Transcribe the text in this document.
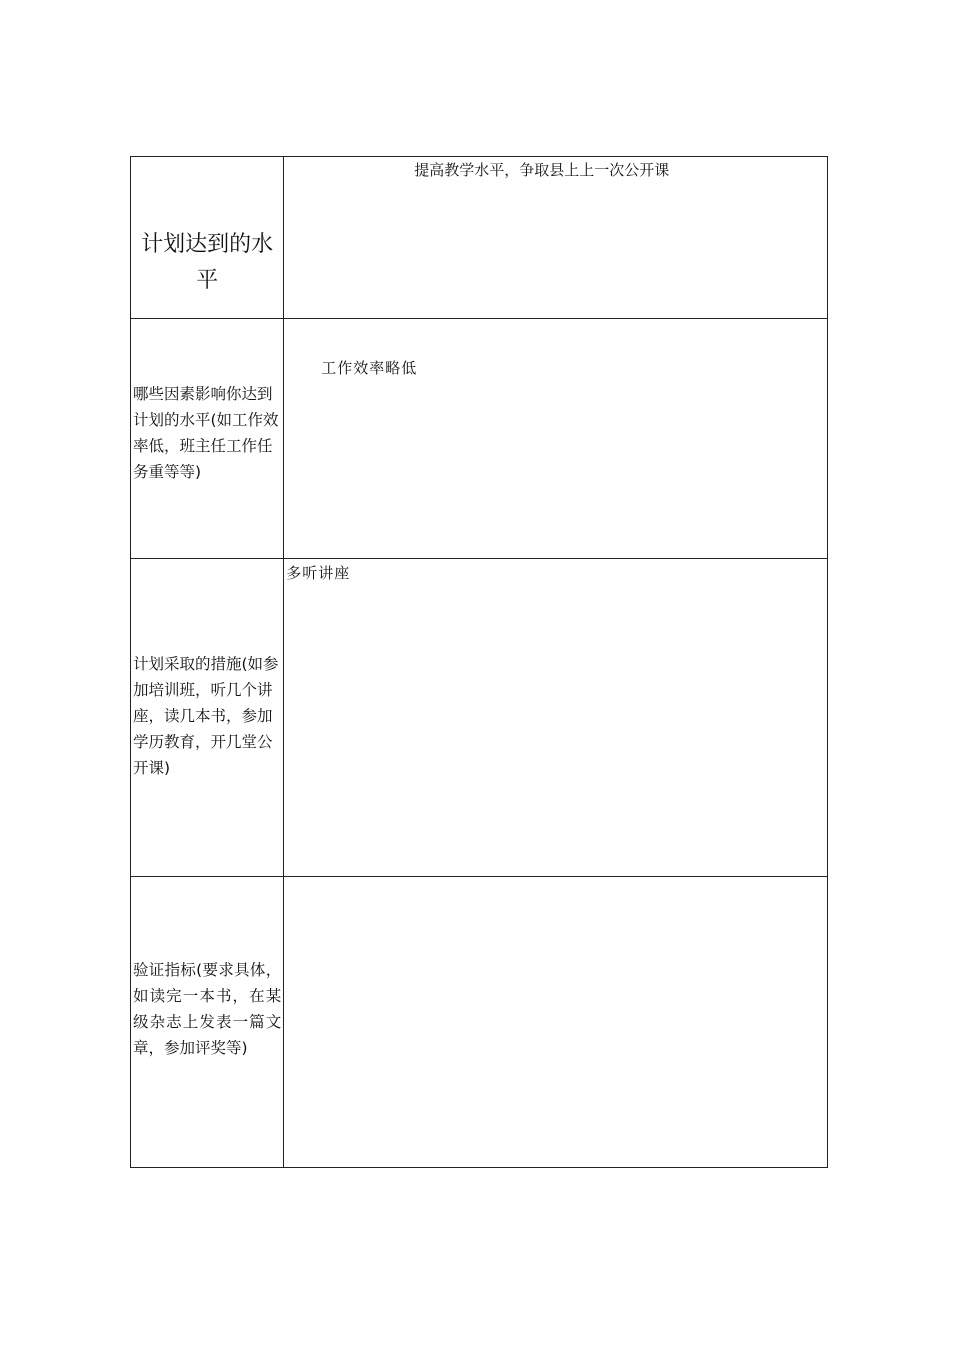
计划达到的水平	提高教学水平，争取县上上一次公开课

哪些因素影响你达到计划的水平(如工作效率低，班主任工作任务重等等)	工作效率略低

计划采取的措施(如参加培训班，听几个讲座，读几本书，参加学历教育，开几堂公开课)	多听讲座

验证指标(要求具体，如读完一本书，在某级杂志上发表一篇文章，参加评奖等)	
